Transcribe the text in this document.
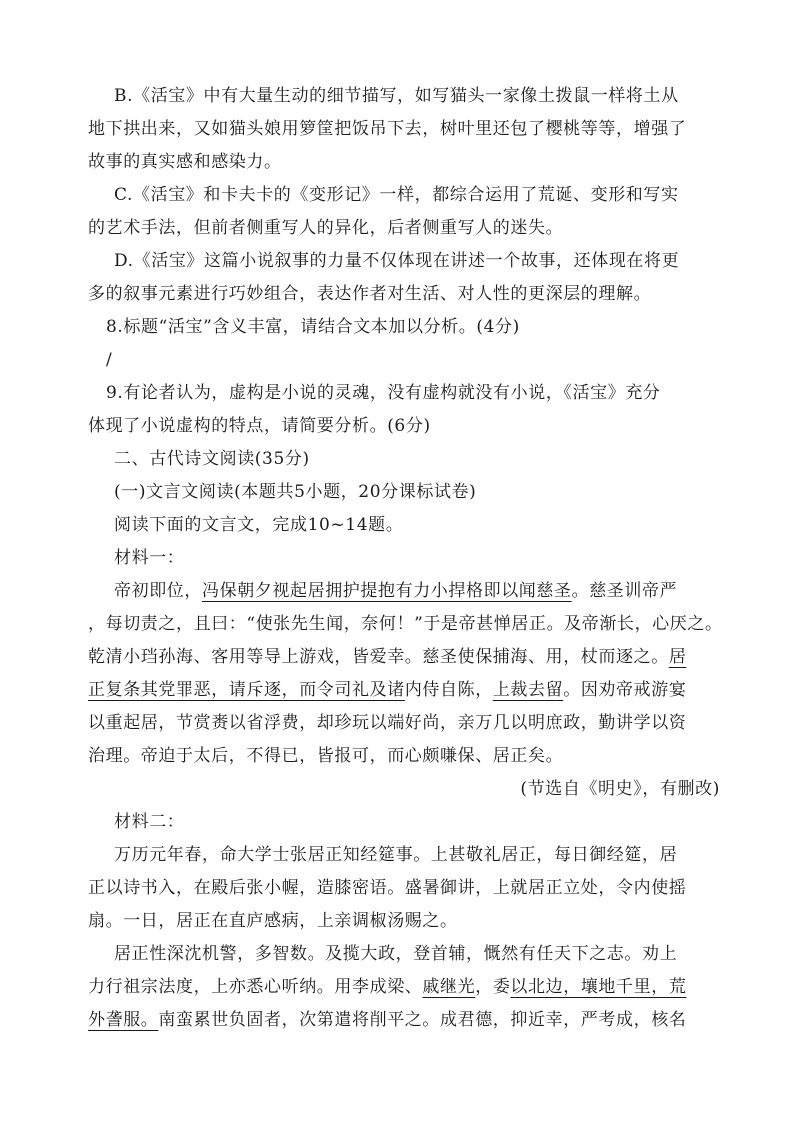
B.《活宝》中有大量生动的细节描写，如写猫头一家像土拨鼠一样将土从
地下拱出来，又如猫头娘用箩筐把饭吊下去，树叶里还包了樱桃等等，增强了
故事的真实感和感染力。
C.《活宝》和卡夫卡的《变形记》一样，都综合运用了荒诞、变形和写实
的艺术手法，但前者侧重写人的异化，后者侧重写人的迷失。
D.《活宝》这篇小说叙事的力量不仅体现在讲述一个故事，还体现在将更
多的叙事元素进行巧妙组合，表达作者对生活、对人性的更深层的理解。
8.标题“活宝”含义丰富，请结合文本加以分析。(4分)
/
9.有论者认为，虚构是小说的灵魂，没有虚构就没有小说，《活宝》充分
体现了小说虚构的特点，请简要分析。(6分)
二、古代诗文阅读(35分)
(一)文言文阅读(本题共5小题，20分课标试卷)
阅读下面的文言文，完成10~14题。
材料一：
帝初即位，冯保朝夕视起居拥护提抱有力小捍格即以闻慈圣。慈圣训帝严
，每切责之，且曰：“使张先生闻，奈何！”于是帝甚惮居正。及帝渐长，心厌之。
乾清小珰孙海、客用等导上游戏，皆爱幸。慈圣使保捕海、用，杖而逐之。居
正复条其党罪恶，请斥逐，而令司礼及诸内侍自陈，上裁去留。因劝帝戒游宴
以重起居，节赏赉以省浮费，却珍玩以端好尚，亲万几以明庶政，勤讲学以资
治理。帝迫于太后，不得已，皆报可，而心颇嗛保、居正矣。
(节选自《明史》，有删改)
材料二：
万历元年春，命大学士张居正知经筵事。上甚敬礼居正，每日御经筵，居
正以诗书入，在殿后张小幄，造膝密语。盛暑御讲，上就居正立处，令内使摇
扇。一日，居正在直庐感病，上亲调椒汤赐之。
居正性深沈机警，多智数。及揽大政，登首辅，慨然有任天下之志。劝上
力行祖宗法度，上亦悉心听纳。用李成梁、戚继光，委以北边，壤地千里，荒
外詟服。南蛮累世负固者，次第遣将削平之。成君德，抑近幸，严考成，核名
